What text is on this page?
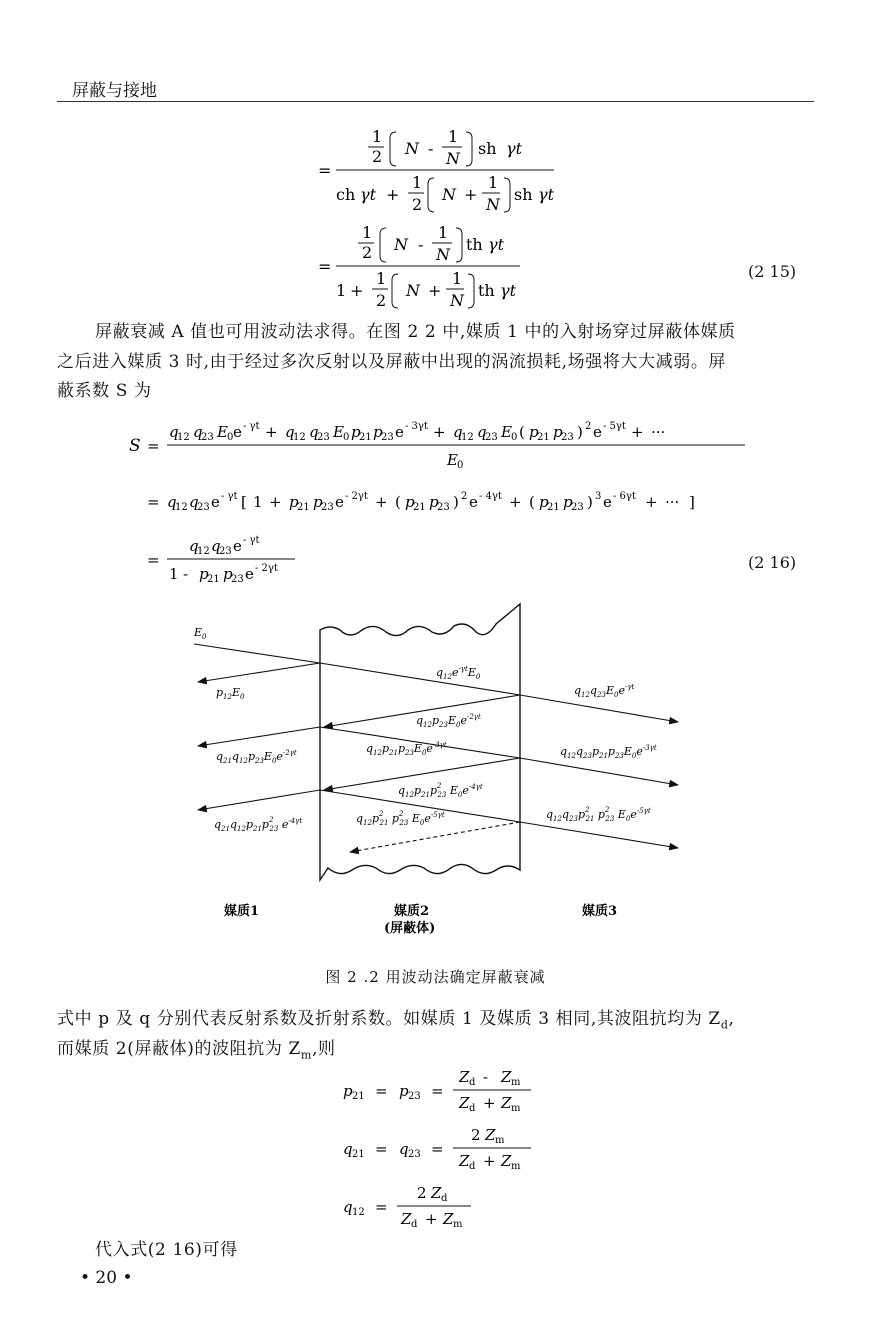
屏蔽与接地
=
1
2 N -
1
N
sh γt
ch γt +
1
2
N +
1
N
sh γt
=
1
2 N -
1
N
th γt
1 +
1
2
N +
1
N
th γt
(2 15)
屏蔽衰减 A 值也可用波动法求得。在图 2 2 中,媒质 1 中的入射场穿过屏蔽体媒质
之后进入媒质 3 时,由于经过多次反射以及屏蔽中出现的涡流损耗,场强将大大减弱。屏
蔽系数 S 为
S =
q
12 q
23 E 0 e - γt + q
12 q
23 E 0 p
21 p
23 e - 3γt + q
12 q
23 E 0 ( p
21 p
23 ) 2 e - 5γt + ···
E 0
= q
12 q
23 e - γt [ 1 + p
21 p
23 e - 2γt + ( p
21 p
23 ) 2 e - 4γt + ( p
21 p
23 ) 3 e - 6γt + ··· ]
=
q
12 q
23 e - γt
1 - p
21 p
23 e - 2γt	(2 16)
$E_0$
$p_{12}E_0$
$q_{12}e^{-\gamma t}E_0$
$q_{12}q_{23}E_0e^{-\gamma t}$
$q_{12}p_{23}E_0e^{-2\gamma t}$
$q_{21}q_{12}p_{23}E_0e^{-2\gamma t}$	$q_{12}p_{21}p_{23}E_0e^{-3\gamma t}$	$q_{12}q_{23}p_{21}p_{23}E_0e^{-3\gamma t}$
$q_{12}p_{21}p^2$ 23 $E_0e^{-4\gamma t}$
$q_{21}q_{12}p_{21}p^2$ 23 $e^{-4\gamma t}$	$q_{12}p^2$ 21 $p^2$ 23 $E_0e^{-5\gamma t}$	$q_{12}q_{23}p^2$ 21 $p^2$ 23 $E_0e^{-5\gamma t}$
媒质1	媒质2
(屏蔽体)
媒质3
图 2 .2 用波动法确定屏蔽衰减
式中 p 及 q 分别代表反射系数及折射系数。如媒质 1 及媒质 3 相同,其波阻抗均为 $Z_d$,
而媒质 2(屏蔽体)的波阻抗为 $Z_m$,则
p 21 = p 23 =
Z d - Z m
Z d + Z m
q 21 = q 23 =
2 Z m
Z d + Z m
q 12 =
2 Z d
Z d + Z m
代入式(2 16)可得
• 20 •
